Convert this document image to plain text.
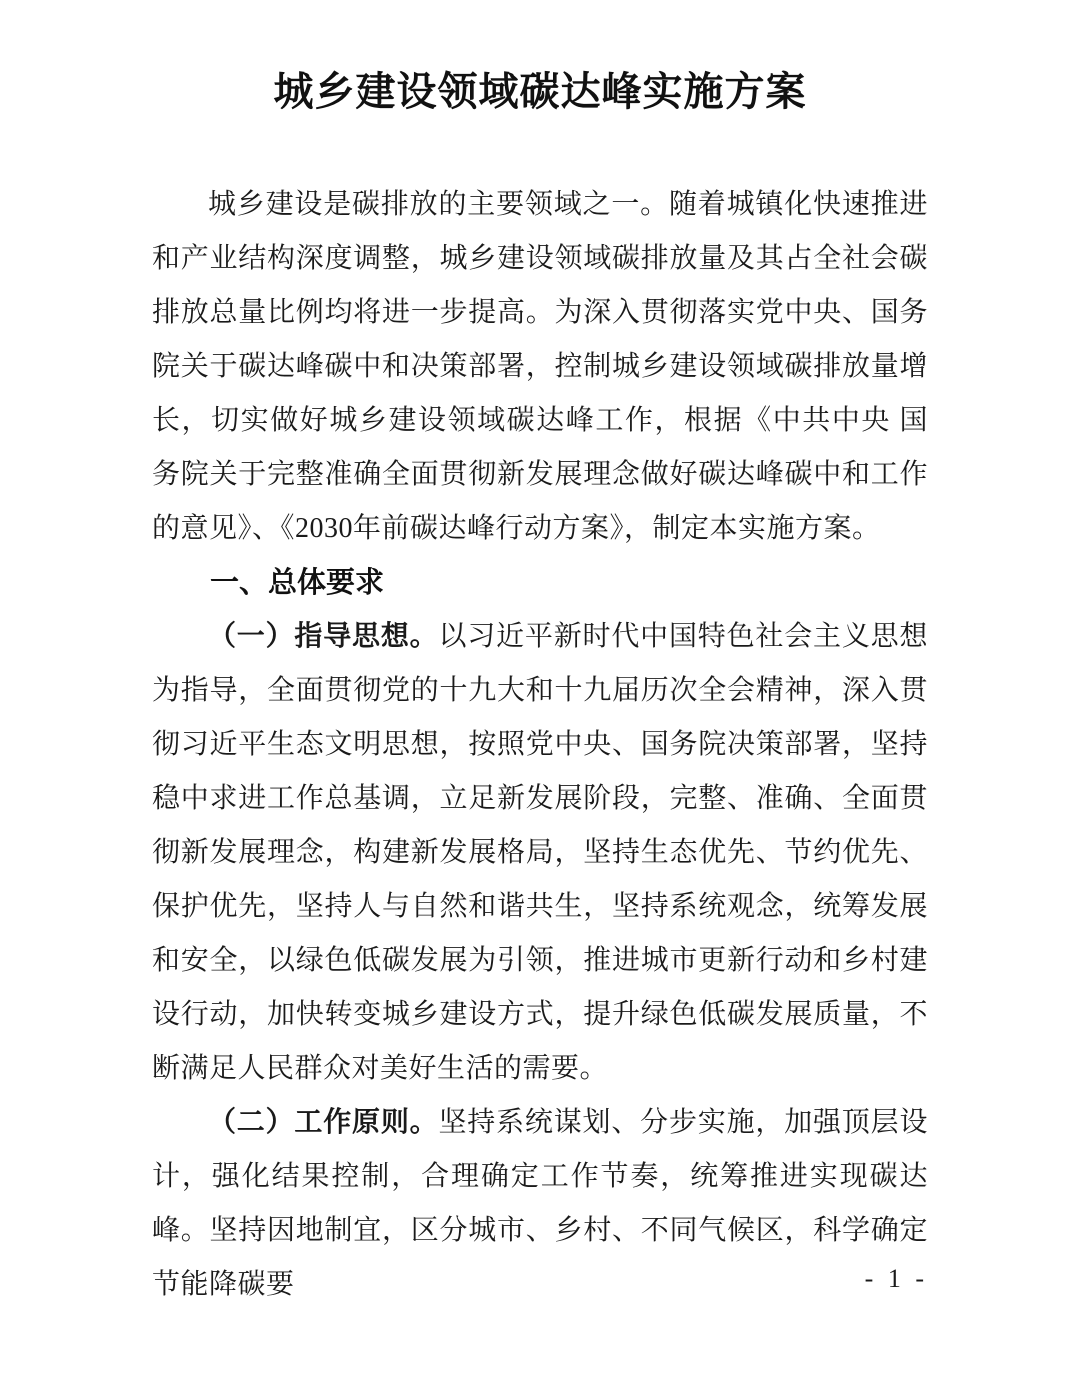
城乡建设领域碳达峰实施方案

城乡建设是碳排放的主要领域之一。随着城镇化快速推进和产业结构深度调整，城乡建设领域碳排放量及其占全社会碳排放总量比例均将进一步提高。为深入贯彻落实党中央、国务院关于碳达峰碳中和决策部署，控制城乡建设领域碳排放量增长，切实做好城乡建设领域碳达峰工作，根据《中共中央 国务院关于完整准确全面贯彻新发展理念做好碳达峰碳中和工作的意见》、《2030年前碳达峰行动方案》，制定本实施方案。

一、总体要求

（一）指导思想。以习近平新时代中国特色社会主义思想为指导，全面贯彻党的十九大和十九届历次全会精神，深入贯彻习近平生态文明思想，按照党中央、国务院决策部署，坚持稳中求进工作总基调，立足新发展阶段，完整、准确、全面贯彻新发展理念，构建新发展格局，坚持生态优先、节约优先、保护优先，坚持人与自然和谐共生，坚持系统观念，统筹发展和安全，以绿色低碳发展为引领，推进城市更新行动和乡村建设行动，加快转变城乡建设方式，提升绿色低碳发展质量，不断满足人民群众对美好生活的需要。

（二）工作原则。坚持系统谋划、分步实施，加强顶层设计，强化结果控制，合理确定工作节奏，统筹推进实现碳达峰。坚持因地制宜，区分城市、乡村、不同气候区，科学确定节能降碳要	- 1 -
